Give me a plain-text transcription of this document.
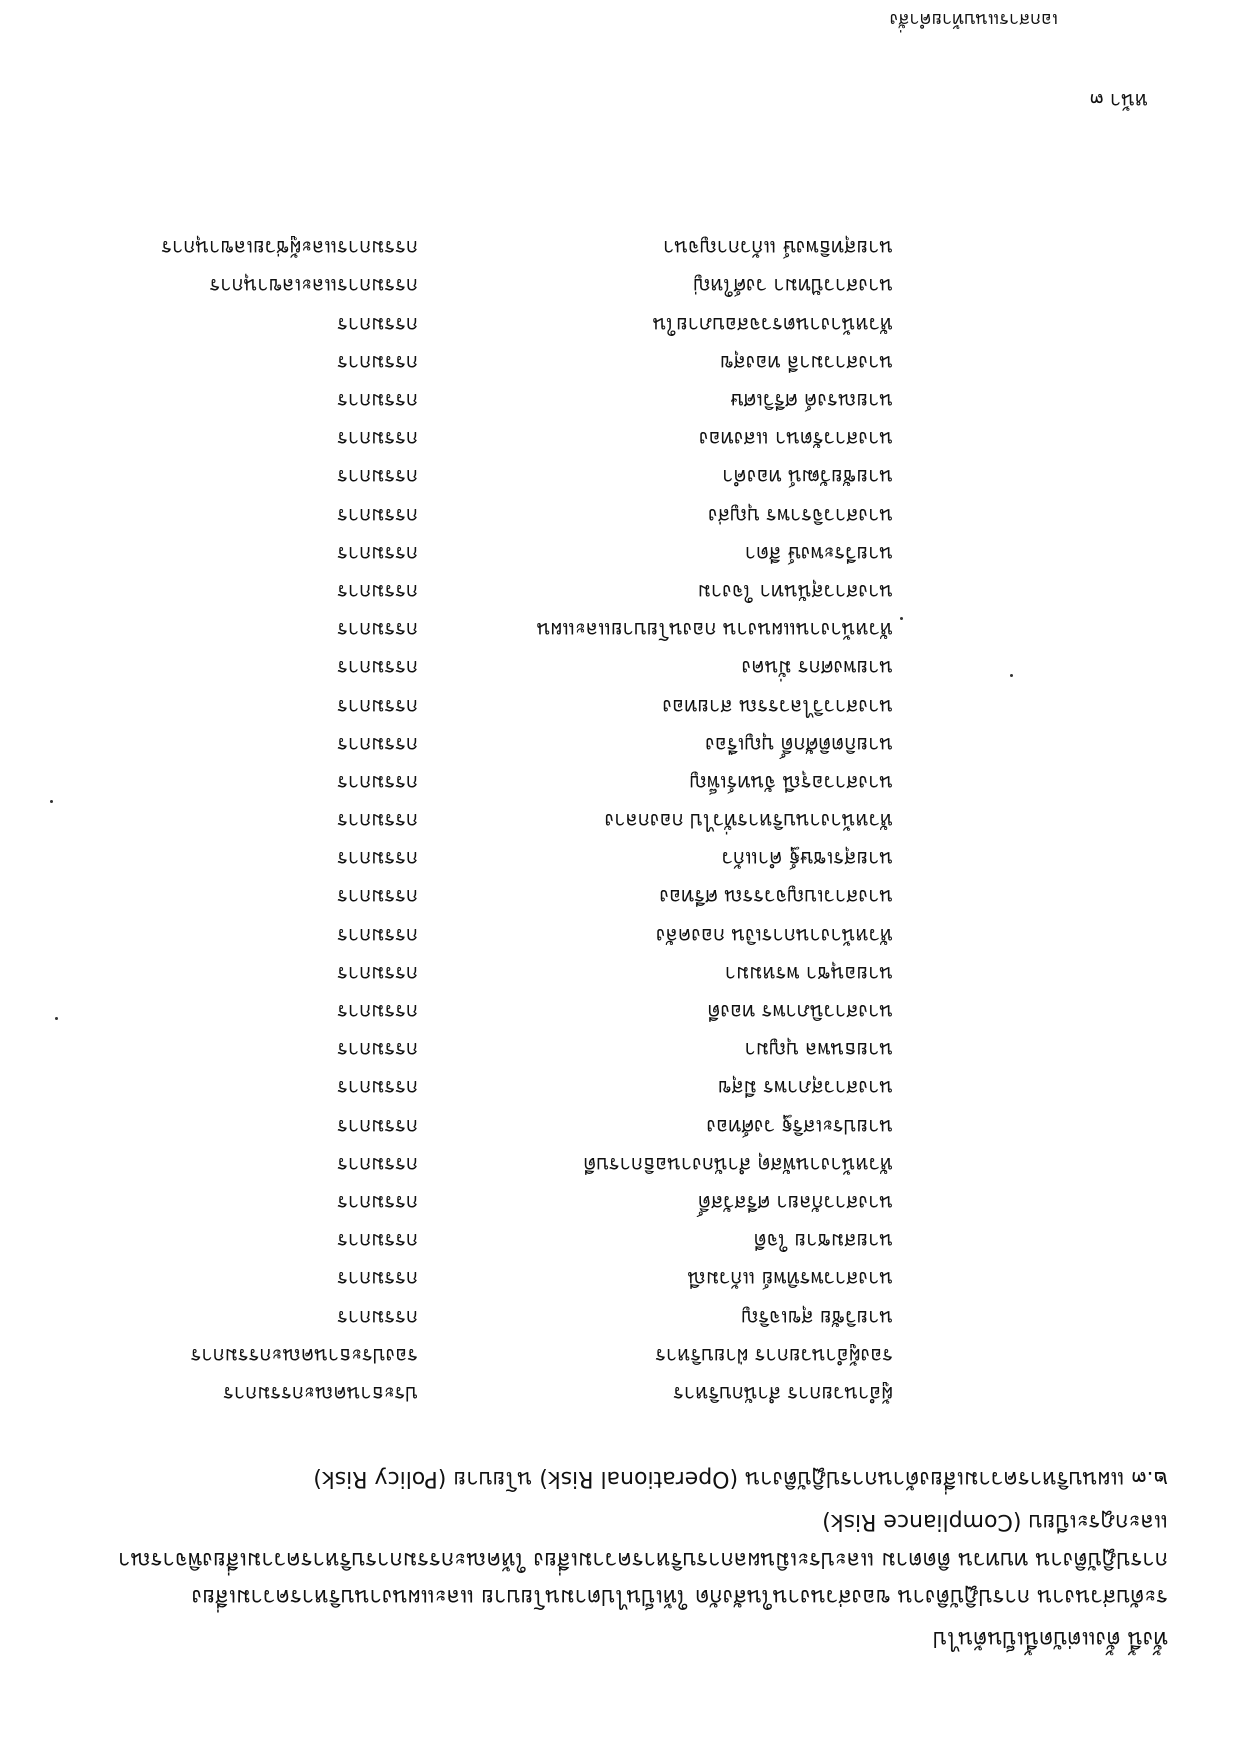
ทั้งนี้ ตั้งแต่บัดนี้เป็นต้นไป
ระดับส่วนงาน การปฏิบัติงาน ของส่วนงานในสังกัด ให้เป็นไปตามนโยบาย และแผนงานบริหารความเสี่ยง
การปฏิบัติงาน ทบทวน ติดตาม และประเมินผลการบริหารความเสี่ยง ให้คณะกรรมการบริหารความเสี่ยงพิจารณา
และกฎระเบียบ (Compliance Risk)
๒.๓ แผนบริหารความเสี่ยงด้านการปฏิบัติงาน (Operational Risk) นโยบาย (Policy Risk)
ผู้อำนวยการ สำนักบริหาร
ประธานคณะกรรมการ
รองผู้อำนวยการ ฝ่ายบริหาร
รองประธานคณะกรรมการ
นายวิชัย สุขเจริญ
กรรมการ
นางสาวพรทิพย์ แก้วมณี
กรรมการ
นายสมชาย ใจดี
กรรมการ
นางสาวกัลยา ศรีสวัสดิ์
กรรมการ
หัวหน้างานพัสดุ สำนักงานอธิการบดี
กรรมการ
นายประเสริฐ วงศ์ทอง
กรรมการ
นางสาวสุภาพร มีสุข
กรรมการ
นายธนพล บุญมา
กรรมการ
นางสาวนิภาพร ทองดี
กรรมการ
นายอนุชา พรหมมา
กรรมการ
หัวหน้างานการเงิน กองคลัง
กรรมการ
นางสาวเบญจวรรณ ศรีทอง
กรรมการ
นายสุรเชษฐ์ คำแก้ว
กรรมการ
หัวหน้างานบริหารทั่วไป กองกลาง
กรรมการ
นางสาวอรุณี จันทร์เพ็ญ
กรรมการ
นายกิตติศักดิ์ บุญเรือง
กรรมการ
นางสาววิไลวรรณ สายทอง
กรรมการ
นายพงศกร มั่นคง
กรรมการ
หัวหน้างานแผนงาน กองนโยบายและแผน
กรรมการ
นางสาวสุนันทา ใจงาม
กรรมการ
นายวีระพงษ์ สีดา
กรรมการ
นางสาวจิราพร บุญส่ง
กรรมการ
นายชัยวัฒน์ ทองคำ
กรรมการ
นางสาวรัตนา แสงทอง
กรรมการ
นายณรงค์ ศรีวิเศษ
กรรมการ
นางสาวมาลี ทองสุข
กรรมการ
หัวหน้างานตรวจสอบภายใน
กรรมการ
นางสาวปัทมา วงศ์ใหญ่
กรรมการและเลขานุการ
นายสุทธิพงษ์ แก้วกาญจนา
กรรมการและผู้ช่วยเลขานุการ
หน้า ๓
เอกสารแนบท้ายคำสั่ง
